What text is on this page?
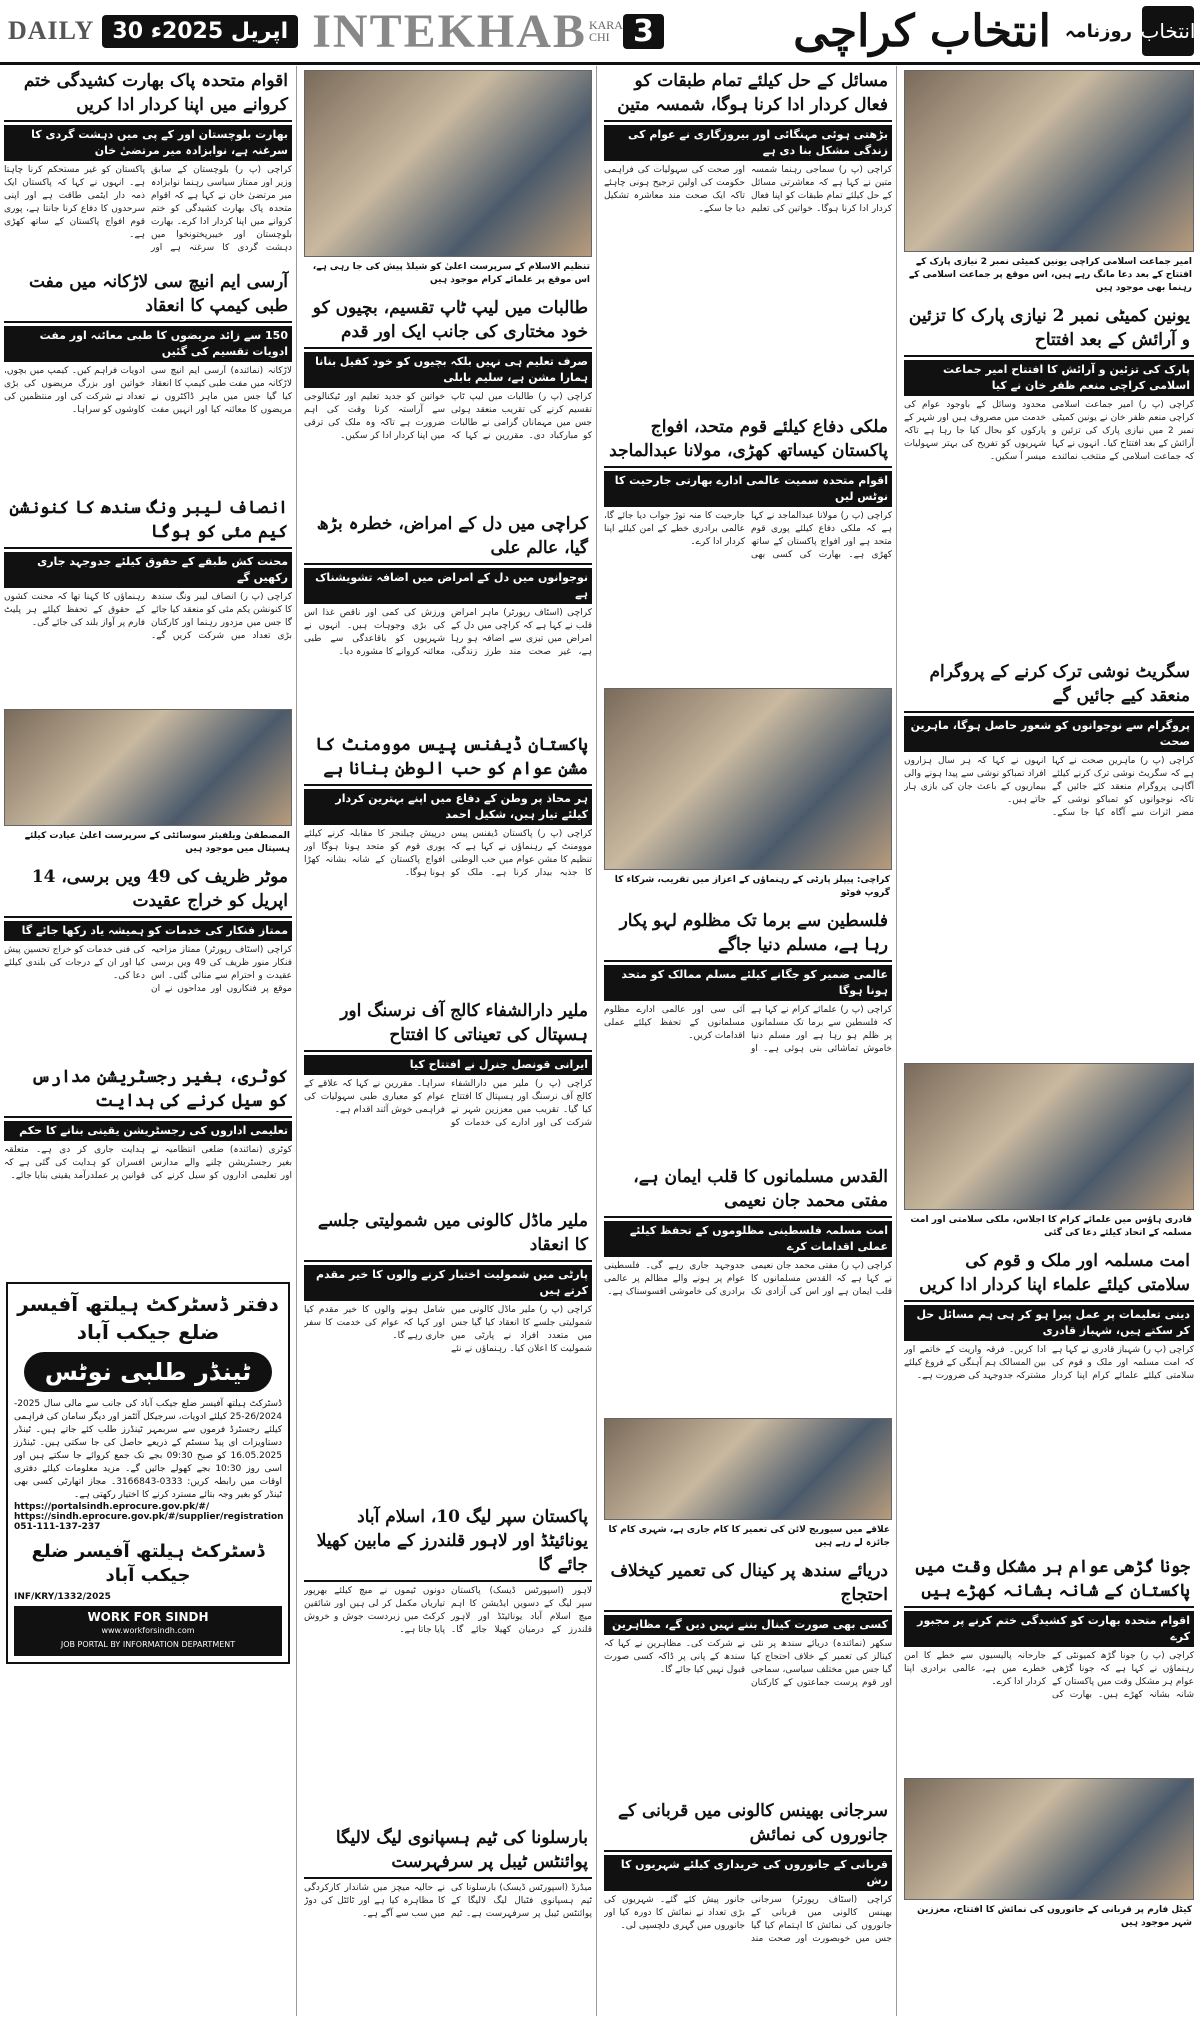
DAILY 30 اپریل 2025ء INTEKHAB KARA CHI 3	انتخاب کراچی روزنامہ انتخاب
اقوام متحدہ پاک بھارت کشیدگی ختم کروانے میں اپنا کردار ادا کریں
بھارت بلوچستان اور کے پی میں دہشت گردی کا سرغنہ ہے، نوابزادہ میر مرتضیٰ خان
کراچی (پ ر) بلوچستان کے سابق وزیر اور ممتاز سیاسی رہنما نوابزادہ میر مرتضیٰ خان نے کہا ہے کہ اقوام متحدہ پاک بھارت کشیدگی کو ختم کروانے میں اپنا کردار ادا کرے۔ بھارت بلوچستان اور خیبرپختونخوا میں دہشت گردی کا سرغنہ ہے اور پاکستان کو غیر مستحکم کرنا چاہتا ہے۔ انہوں نے کہا کہ پاکستان ایک ذمہ دار ایٹمی طاقت ہے اور اپنی سرحدوں کا دفاع کرنا جانتا ہے، پوری قوم افواج پاکستان کے ساتھ کھڑی ہے۔
آرسی ایم انیچ سی لاڑکانہ میں مفت طبی کیمپ کا انعقاد
150 سے زائد مریضوں کا طبی معائنہ اور مفت ادویات تقسیم کی گئیں
لاڑکانہ (نمائندہ) آرسی ایم انیچ سی لاڑکانہ میں مفت طبی کیمپ کا انعقاد کیا گیا جس میں ماہر ڈاکٹروں نے مریضوں کا معائنہ کیا اور انہیں مفت ادویات فراہم کیں۔ کیمپ میں بچوں، خواتین اور بزرگ مریضوں کی بڑی تعداد نے شرکت کی اور منتظمین کی کاوشوں کو سراہا۔
انصاف لیبر ونگ سندھ کا کنونشن کیم مئی کو ہوگا
محنت کش طبقے کے حقوق کیلئے جدوجہد جاری رکھیں گے
کراچی (پ ر) انصاف لیبر ونگ سندھ کا کنونشن یکم مئی کو منعقد کیا جائے گا جس میں مزدور رہنما اور کارکنان بڑی تعداد میں شرکت کریں گے۔ رہنماؤں کا کہنا تھا کہ محنت کشوں کے حقوق کے تحفظ کیلئے ہر پلیٹ فارم پر آواز بلند کی جائے گی۔
المصطفیٰ ویلفیئر سوسائٹی کے سرپرست اعلیٰ عیادت کیلئے ہسپتال میں موجود ہیں
موٹر ظریف کی 49 ویں برسی، 14 اپریل کو خراج عقیدت
ممتاز فنکار کی خدمات کو ہمیشہ یاد رکھا جائے گا
کراچی (اسٹاف رپورٹر) ممتاز مزاحیہ فنکار منور ظریف کی 49 ویں برسی عقیدت و احترام سے منائی گئی۔ اس موقع پر فنکاروں اور مداحوں نے ان کی فنی خدمات کو خراج تحسین پیش کیا اور ان کے درجات کی بلندی کیلئے دعا کی۔
کوٹری، بغیر رجسٹریشن مدارس کو سیل کرنے کی ہدایت
تعلیمی اداروں کی رجسٹریشن یقینی بنانے کا حکم
کوٹری (نمائندہ) ضلعی انتظامیہ نے بغیر رجسٹریشن چلنے والے مدارس اور تعلیمی اداروں کو سیل کرنے کی ہدایت جاری کر دی ہے۔ متعلقہ افسران کو ہدایت کی گئی ہے کہ قوانین پر عملدرآمد یقینی بنایا جائے۔
دفتر ڈسٹرکٹ ہیلتھ آفیسر ضلع جیکب آباد
ٹینڈر طلبی نوٹس
ڈسٹرکٹ ہیلتھ آفیسر ضلع جیکب آباد کی جانب سے مالی سال 2025-26/2024-25 کیلئے ادویات، سرجیکل آئٹمز اور دیگر سامان کی فراہمی کیلئے رجسٹرڈ فرموں سے سربمہر ٹینڈرز طلب کئے جاتے ہیں۔ ٹینڈر دستاویزات ای پیڈ سسٹم کے ذریعے حاصل کی جا سکتی ہیں۔ ٹینڈرز 16.05.2025 کو صبح 09:30 بجے تک جمع کروائے جا سکتے ہیں اور اسی روز 10:30 بجے کھولے جائیں گے۔ مزید معلومات کیلئے دفتری اوقات میں رابطہ کریں: 0333-3166843۔ مجاز اتھارٹی کسی بھی ٹینڈر کو بغیر وجہ بتائے مسترد کرنے کا اختیار رکھتی ہے۔
https://portalsindh.eprocure.gov.pk/#/
https://sindh.eprocure.gov.pk/#/supplier/registration
051-111-137-237
ڈسٹرکٹ ہیلتھ آفیسر ضلع جیکب آباد
INF/KRY/1332/2025
WORK FOR SINDH
www.workforsindh.com
JOB PORTAL BY INFORMATION DEPARTMENT
تنظیم الاسلام کے سرپرست اعلیٰ کو شیلڈ پیش کی جا رہی ہے، اس موقع پر علمائے کرام موجود ہیں
طالبات میں لیپ ٹاپ تقسیم، بچیوں کو خود مختاری کی جانب ایک اور قدم
صرف تعلیم ہی نہیں بلکہ بچیوں کو خود کفیل بنانا ہمارا مشن ہے، سلیم بابلی
کراچی (پ ر) طالبات میں لیپ ٹاپ تقسیم کرنے کی تقریب منعقد ہوئی جس میں مہمانان گرامی نے طالبات کو مبارکباد دی۔ مقررین نے کہا کہ خواتین کو جدید تعلیم اور ٹیکنالوجی سے آراستہ کرنا وقت کی اہم ضرورت ہے تاکہ وہ ملک کی ترقی میں اپنا کردار ادا کر سکیں۔
کراچی میں دل کے امراض، خطرہ بڑھ گیا، عالم علی
نوجوانوں میں دل کے امراض میں اضافہ تشویشناک ہے
کراچی (اسٹاف رپورٹر) ماہر امراض قلب نے کہا ہے کہ کراچی میں دل کے امراض میں تیزی سے اضافہ ہو رہا ہے، غیر صحت مند طرز زندگی، ورزش کی کمی اور ناقص غذا اس کی بڑی وجوہات ہیں۔ انہوں نے شہریوں کو باقاعدگی سے طبی معائنہ کروانے کا مشورہ دیا۔
پاکستان ڈیفنس پیس موومنٹ کا مشن عوام کو حب الوطن بنانا ہے
ہر محاذ پر وطن کے دفاع میں اپنے بہترین کردار کیلئے تیار ہیں، شکیل احمد
کراچی (پ ر) پاکستان ڈیفنس پیس موومنٹ کے رہنماؤں نے کہا ہے کہ تنظیم کا مشن عوام میں حب الوطنی کا جذبہ بیدار کرنا ہے۔ ملک کو درپیش چیلنجز کا مقابلہ کرنے کیلئے پوری قوم کو متحد ہونا ہوگا اور افواج پاکستان کے شانہ بشانہ کھڑا ہونا ہوگا۔
ملیر دارالشفاء کالج آف نرسنگ اور ہسپتال کی تعیناتی کا افتتاح
ایرانی قونصل جنرل نے افتتاح کیا
کراچی (پ ر) ملیر میں دارالشفاء کالج آف نرسنگ اور ہسپتال کا افتتاح کیا گیا۔ تقریب میں معززین شہر نے شرکت کی اور ادارے کی خدمات کو سراہا۔ مقررین نے کہا کہ علاقے کے عوام کو معیاری طبی سہولیات کی فراہمی خوش آئند اقدام ہے۔
ملیر ماڈل کالونی میں شمولیتی جلسے کا انعقاد
پارٹی میں شمولیت اختیار کرنے والوں کا خیر مقدم کرتے ہیں
کراچی (پ ر) ملیر ماڈل کالونی میں شمولیتی جلسے کا انعقاد کیا گیا جس میں متعدد افراد نے پارٹی میں شمولیت کا اعلان کیا۔ رہنماؤں نے نئے شامل ہونے والوں کا خیر مقدم کیا اور کہا کہ عوام کی خدمت کا سفر جاری رہے گا۔
پاکستان سپر لیگ 10، اسلام آباد یونائیٹڈ اور لاہور قلندرز کے مابین کھیلا جائے گا
لاہور (اسپورٹس ڈیسک) پاکستان سپر لیگ کے دسویں ایڈیشن کا اہم میچ اسلام آباد یونائیٹڈ اور لاہور قلندرز کے درمیان کھیلا جائے گا۔ دونوں ٹیموں نے میچ کیلئے بھرپور تیاریاں مکمل کر لی ہیں اور شائقین کرکٹ میں زبردست جوش و خروش پایا جاتا ہے۔
بارسلونا کی ٹیم ہسپانوی لیگ لالیگا پوائنٹس ٹیبل پر سرفہرست
میڈرڈ (اسپورٹس ڈیسک) بارسلونا کی ٹیم ہسپانوی فٹبال لیگ لالیگا کے پوائنٹس ٹیبل پر سرفہرست ہے۔ ٹیم نے حالیہ میچز میں شاندار کارکردگی کا مظاہرہ کیا ہے اور ٹائٹل کی دوڑ میں سب سے آگے ہے۔
مسائل کے حل کیلئے تمام طبقات کو فعال کردار ادا کرنا ہوگا، شمسہ متین
بڑھتی ہوئی مہنگائی اور بیروزگاری نے عوام کی زندگی مشکل بنا دی ہے
کراچی (پ ر) سماجی رہنما شمسہ متین نے کہا ہے کہ معاشرتی مسائل کے حل کیلئے تمام طبقات کو اپنا فعال کردار ادا کرنا ہوگا۔ خواتین کی تعلیم اور صحت کی سہولیات کی فراہمی حکومت کی اولین ترجیح ہونی چاہئے تاکہ ایک صحت مند معاشرہ تشکیل دیا جا سکے۔
ملکی دفاع کیلئے قوم متحد، افواج پاکستان کیساتھ کھڑی، مولانا عبدالماجد
اقوام متحدہ سمیت عالمی ادارے بھارتی جارحیت کا نوٹس لیں
کراچی (پ ر) مولانا عبدالماجد نے کہا ہے کہ ملکی دفاع کیلئے پوری قوم متحد ہے اور افواج پاکستان کے ساتھ کھڑی ہے۔ بھارت کی کسی بھی جارحیت کا منہ توڑ جواب دیا جائے گا، عالمی برادری خطے کے امن کیلئے اپنا کردار ادا کرے۔
کراچی: پیپلز پارٹی کے رہنماؤں کے اعزاز میں تقریب، شرکاء کا گروپ فوٹو
فلسطین سے برما تک مظلوم لہو پکار رہا ہے، مسلم دنیا جاگے
عالمی ضمیر کو جگانے کیلئے مسلم ممالک کو متحد ہونا ہوگا
کراچی (پ ر) علمائے کرام نے کہا ہے کہ فلسطین سے برما تک مسلمانوں پر ظلم ہو رہا ہے اور مسلم دنیا خاموش تماشائی بنی ہوئی ہے۔ او آئی سی اور عالمی ادارے مظلوم مسلمانوں کے تحفظ کیلئے عملی اقدامات کریں۔
القدس مسلمانوں کا قلب ایمان ہے، مفتی محمد جان نعیمی
امت مسلمہ فلسطینی مظلوموں کے تحفظ کیلئے عملی اقدامات کرے
کراچی (پ ر) مفتی محمد جان نعیمی نے کہا ہے کہ القدس مسلمانوں کا قلب ایمان ہے اور اس کی آزادی تک جدوجہد جاری رہے گی۔ فلسطینی عوام پر ہونے والے مظالم پر عالمی برادری کی خاموشی افسوسناک ہے۔
علاقے میں سیوریج لائن کی تعمیر کا کام جاری ہے، شہری کام کا جائزہ لے رہے ہیں
دریائے سندھ پر کینال کی تعمیر کیخلاف احتجاج
کسی بھی صورت کینال بننے نہیں دیں گے، مظاہرین
سکھر (نمائندہ) دریائے سندھ پر نئی کینالز کی تعمیر کے خلاف احتجاج کیا گیا جس میں مختلف سیاسی، سماجی اور قوم پرست جماعتوں کے کارکنان نے شرکت کی۔ مظاہرین نے کہا کہ سندھ کے پانی پر ڈاکہ کسی صورت قبول نہیں کیا جائے گا۔
سرجانی بھینس کالونی میں قربانی کے جانوروں کی نمائش
قربانی کے جانوروں کی خریداری کیلئے شہریوں کا رش
کراچی (اسٹاف رپورٹر) سرجانی بھینس کالونی میں قربانی کے جانوروں کی نمائش کا اہتمام کیا گیا جس میں خوبصورت اور صحت مند جانور پیش کئے گئے۔ شہریوں کی بڑی تعداد نے نمائش کا دورہ کیا اور جانوروں میں گہری دلچسپی لی۔
امیر جماعت اسلامی کراچی یونین کمیٹی نمبر 2 نیازی پارک کے افتتاح کے بعد دعا مانگ رہے ہیں، اس موقع پر جماعت اسلامی کے رہنما بھی موجود ہیں
یونین کمیٹی نمبر 2 نیازی پارک کا تزئین و آرائش کے بعد افتتاح
پارک کی تزئین و آرائش کا افتتاح امیر جماعت اسلامی کراچی منعم ظفر خان نے کیا
کراچی (پ ر) امیر جماعت اسلامی کراچی منعم ظفر خان نے یونین کمیٹی نمبر 2 میں نیازی پارک کی تزئین و آرائش کے بعد افتتاح کیا۔ انہوں نے کہا کہ جماعت اسلامی کے منتخب نمائندے محدود وسائل کے باوجود عوام کی خدمت میں مصروف ہیں اور شہر کے پارکوں کو بحال کیا جا رہا ہے تاکہ شہریوں کو تفریح کی بہتر سہولیات میسر آ سکیں۔
سگریٹ نوشی ترک کرنے کے پروگرام منعقد کیے جائیں گے
پروگرام سے نوجوانوں کو شعور حاصل ہوگا، ماہرین صحت
کراچی (پ ر) ماہرین صحت نے کہا ہے کہ سگریٹ نوشی ترک کرنے کیلئے آگاہی پروگرام منعقد کئے جائیں گے تاکہ نوجوانوں کو تمباکو نوشی کے مضر اثرات سے آگاہ کیا جا سکے۔ انہوں نے کہا کہ ہر سال ہزاروں افراد تمباکو نوشی سے پیدا ہونے والی بیماریوں کے باعث جان کی بازی ہار جاتے ہیں۔
قادری ہاؤس میں علمائے کرام کا اجلاس، ملکی سلامتی اور امت مسلمہ کے اتحاد کیلئے دعا کی گئی
امت مسلمہ اور ملک و قوم کی سلامتی کیلئے علماء اپنا کردار ادا کریں
دینی تعلیمات پر عمل پیرا ہو کر ہی ہم مسائل حل کر سکتے ہیں، شہباز قادری
کراچی (پ ر) شہباز قادری نے کہا ہے کہ امت مسلمہ اور ملک و قوم کی سلامتی کیلئے علمائے کرام اپنا کردار ادا کریں۔ فرقہ واریت کے خاتمے اور بین المسالک ہم آہنگی کے فروغ کیلئے مشترکہ جدوجہد کی ضرورت ہے۔
جونا گڑھی عوام ہر مشکل وقت میں پاکستان کے شانہ بشانہ کھڑے ہیں
اقوام متحدہ بھارت کو کشیدگی ختم کرنے پر مجبور کرے
کراچی (پ ر) جونا گڑھ کمیونٹی کے رہنماؤں نے کہا ہے کہ جونا گڑھی عوام ہر مشکل وقت میں پاکستان کے شانہ بشانہ کھڑے ہیں۔ بھارت کی جارحانہ پالیسیوں سے خطے کا امن خطرے میں ہے، عالمی برادری اپنا کردار ادا کرے۔
کیٹل فارم پر قربانی کے جانوروں کی نمائش کا افتتاح، معززین شہر موجود ہیں
